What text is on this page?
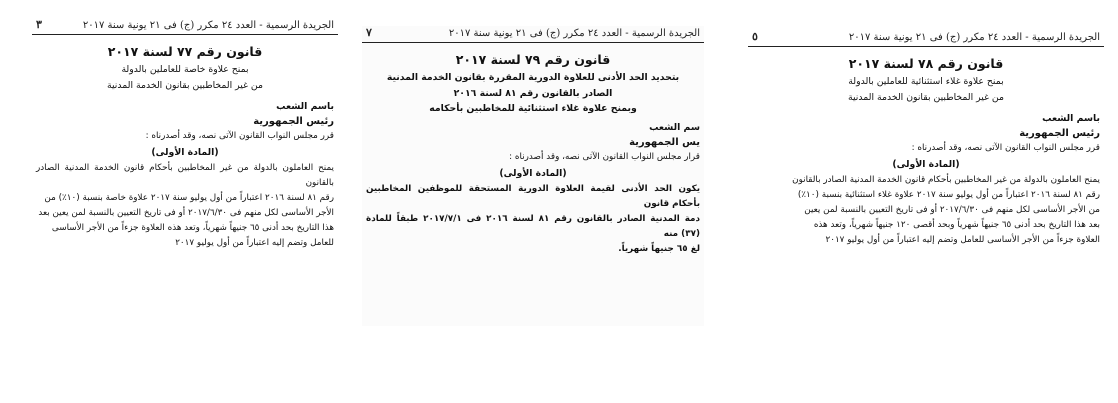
الجريدة الرسمية - العدد ٢٤ مكرر (ج) فى ٢١ يونية سنة ٢٠١٧
٣
قانون رقم ٧٧ لسنة ٢٠١٧
بمنح علاوة خاصة للعاملين بالدولة
من غير المخاطبين بقانون الخدمة المدنية
باسم الشعب
رئيس الجمهورية
قرر مجلس النواب القانون الآتى نصه، وقد أصدرناه :
(المادة الأولى)
يمنح العاملون بالدولة من غير المخاطبين بأحكام قانون الخدمة المدنية الصادر بالقانون
رقم ٨١ لسنة ٢٠١٦ اعتباراً من أول يوليو سنة ٢٠١٧ علاوة خاصة بنسبة (١٠٪) من
الأجر الأساسى لكل منهم فى ٢٠١٧/٦/٣٠ أو فى تاريخ التعيين بالنسبة لمن يعين بعد
هذا التاريخ بحد أدنى ٦٥ جنيهاً شهرياً، وتعد هذه العلاوة جزءاً من الأجر الأساسى
للعامل وتضم إليه اعتباراً من أول يوليو ٢٠١٧
الجريدة الرسمية - العدد ٢٤ مكرر (ج) فى ٢١ يونية سنة ٢٠١٧
٧
قانون رقم ٧٩ لسنة ٢٠١٧
بتحديد الحد الأدنى للعلاوة الدورية المقررة بقانون الخدمة المدنية
الصادر بالقانون رقم ٨١ لسنة ٢٠١٦
وبمنح علاوة غلاء استثنائية للمخاطبين بأحكامه
سم الشعب
يس الجمهورية
قرار مجلس النواب القانون الآتى نصه، وقد أصدرناه :
(المادة الأولى)
يكون الحد الأدنى لقيمة العلاوة الدورية المستحقة للموظفين المخاطبين بأحكام قانون
دمة المدنية الصادر بالقانون رقم ٨١ لسنة ٢٠١٦ فى ٢٠١٧/٧/١ طبقاً للمادة (٣٧) منه
لغ ٦٥ جنيهاً شهرياً.
الجريدة الرسمية - العدد ٢٤ مكرر (ج) فى ٢١ يونية سنة ٢٠١٧
٥
قانون رقم ٧٨ لسنة ٢٠١٧
بمنح علاوة غلاء استثنائية للعاملين بالدولة
من غير المخاطبين بقانون الخدمة المدنية
باسم الشعب
رئيس الجمهورية
قرر مجلس النواب القانون الآتى نصه، وقد أصدرناه :
(المادة الأولى)
يمنح العاملون بالدولة من غير المخاطبين بأحكام قانون الخدمة المدنية الصادر بالقانون
رقم ٨١ لسنة ٢٠١٦ اعتباراً من أول يوليو سنة ٢٠١٧ علاوة غلاء استثنائية بنسبة (١٠٪)
من الأجر الأساسى لكل منهم فى ٢٠١٧/٦/٣٠ أو فى تاريخ التعيين بالنسبة لمن يعين
بعد هذا التاريخ بحد أدنى ٦٥ جنيهاً شهرياً وبحد أقصى ١٢٠ جنيهاً شهرياً، وتعد هذه
العلاوة جزءاً من الأجر الأساسى للعامل وتضم إليه اعتباراً من أول يوليو ٢٠١٧
